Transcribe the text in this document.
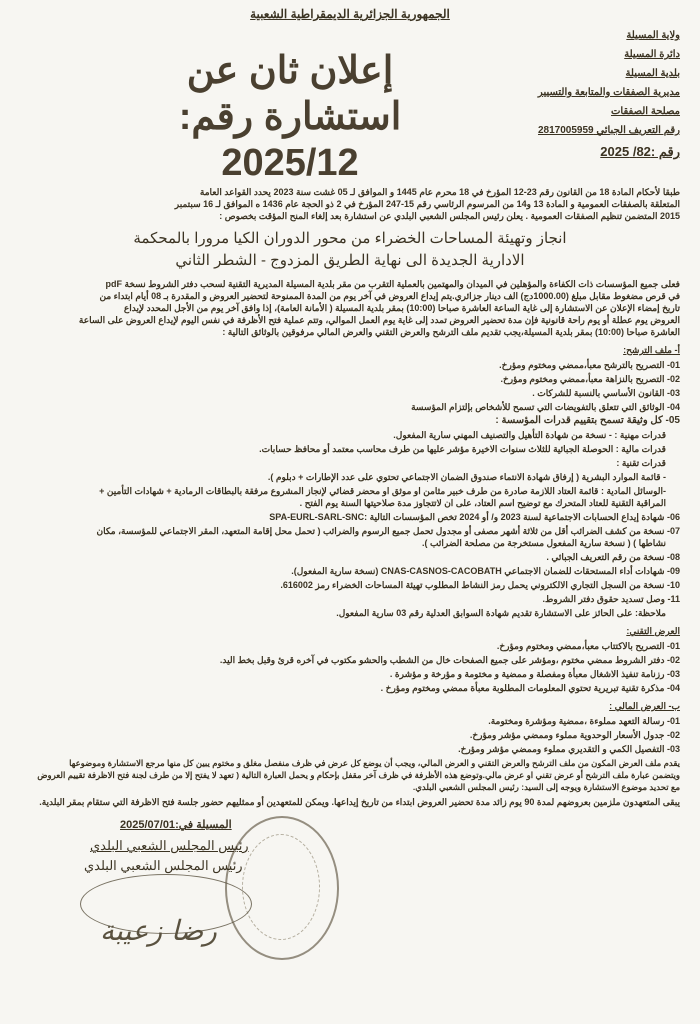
الجمهورية الجزائرية الديمقراطية الشعبية
ولاية المسيلة
دائرة المسيلة
بلدية المسيلة
مديرية الصفقات والمتابعة والتسيير
مصلحة الصفقات
رقم التعريف الجبائي 2817005959
رقم :82/ 2025
إعلان ثان عن استشارة رقم: 2025/12
طبقا لأحكام المادة 18 من القانون رقم 23-12 المؤرخ في 18 محرم عام 1445 و الموافق لـ 05 غشت سنة 2023 يحدد القواعد العامة
المتعلقة بالصفقات العمومية و المادة 13 و14 من المرسوم الرئاسي رقم 15-247 المؤرخ في 2 ذو الحجة عام 1436 ه الموافق لـ 16 سبتمبر
2015 المتضمن تنظيم الصفقات العمومية . يعلن رئيس المجلس الشعبي البلدي عن استشارة بعد إلغاء المنح المؤقت بخصوص :
انجاز وتهيئة المساحات الخضراء من محور الدوران الكيا مرورا بالمحكمة
الادارية الجديدة الى نهاية الطريق المزدوج - الشطر الثاني
فعلى جميع المؤسسات ذات الكفاءة والمؤهلين في الميدان والمهتمين بالعملية التقرب من مقر بلدية المسيلة المديرية التقنية لسحب دفتر الشروط نسخة pdF
في قرص مضغوط مقابل مبلغ (1000.00دج) الف دينار جزائري.يتم إيداع العروض في آخر يوم من المدة الممنوحة لتحضير العروض و المقدرة بـ 08 أيام ابتداء من
تاريخ إمضاء الإعلان عن الاستشارة إلى غاية الساعة العاشرة صباحا (10:00) بمقر بلدية المسيلة ( الأمانة العامة)، إذا وافق آخر يوم من الأجل المحدد لإيداع
العروض يوم عطلة أو يوم راحة قانونية فإن مدة تحضير العروض تمدد إلى غاية يوم العمل الموالي، وتتم عملية فتح الأظرفة في نفس اليوم لإيداع العروض على الساعة
العاشرة صباحا (10:00) بمقر بلدية المسيلة،يجب تقديم ملف الترشح والعرض التقني والعرض المالي مرفوقين بالوثائق التالية :
أ- ملف الترشح:
01- التصريح بالترشح معبأ،ممضي ومختوم ومؤرخ.
02- التصريح بالنزاهة معبأ،ممضي ومختوم ومؤرخ.
03- القانون الأساسي بالنسبة للشركات .
04- الوثائق التي تتعلق بالتفويضات التي تسمح للأشخاص بإلتزام المؤسسة
05- كل وثيقة تسمح بتقييم قدرات المؤسسة :
قدرات مهنية : - نسخة من شهادة التأهيل والتصنيف المهني سارية المفعول.
قدرات مالية : الحوصلة الجبائية للثلاث سنوات الاخيرة مؤشر عليها من طرف محاسب معتمد أو محافظ حسابات.
قدرات تقنية :
- قائمة الموارد البشرية ( إرفاق شهادة الانتماء صندوق الضمان الاجتماعي تحتوي على عدد الإطارات + دبلوم ).
-الوسائل المادية : قائمة العتاد اللازمة صادرة من طرف خبير مثامن او موثق او محضر قضائي لإنجاز المشروع مرفقة بالبطاقات الرمادية + شهادات التأمين +
المراقبة التقنية للعتاد المتحرك مع توضيح اسم العتاد، على ان لاتتجاوز مدة صلاحيتها السنة يوم الفتح .
06- شهادة إيداع الحسابات الاجتماعية لسنة 2023 و/ أو 2024 تخص المؤسسات التالية :SPA-EURL-SARL-SNC
07- نسخة من كشف الضرائب أقل من ثلاثة أشهر مصفى أو مجدول تحمل جميع الرسوم والضرائب ( تحمل محل إقامة المتعهد، المقر الاجتماعي للمؤسسة، مكان
نشاطها ) ( نسخة سارية المفعول مستخرجة من مصلحة الضرائب ).
08- نسخة من رقم التعريف الجبائي .
09- شهادات أداء المستحقات للضمان الاجتماعي CNAS-CASNOS-CACOBATH (نسخة سارية المفعول).
10- نسخة من السجل التجاري الالكتروني يحمل رمز النشاط المطلوب تهيئة المساحات الخضراء رمز 616002.
11- وصل تسديد حقوق دفتر الشروط.
ملاحظة: على الحائز على الاستشارة تقديم شهادة السوابق العدلية رقم 03 سارية المفعول.
العرض التقني:
01- التصريح بالاكتتاب معبأ،ممضي ومختوم ومؤرخ.
02- دفتر الشروط ممضي مختوم ،ومؤشر على جميع الصفحات خال من الشطب والحشو مكتوب في آخره قرئ وقبل بخط اليد.
03- رزنامة تنفيذ الاشغال معبأة ومفصلة و ممضية و مختومة و مؤرخة و مؤشرة .
04- مذكرة تقنية تبريرية تحتوي المعلومات المطلوبة معبأة ممضي ومختوم ومؤرخ .
ب- العرض المالي :
01- رسالة التعهد مملوءة ،ممضية ومؤشرة ومختومة.
02- جدول الأسعار الوحدوية مملوء وممضي مؤشر ومؤرخ.
03- التفصيل الكمي و التقديري مملوء وممضي مؤشر ومؤرخ.
يقدم ملف العرض المكون من ملف الترشح والعرض التقني و العرض المالي، ويجب أن يوضع كل عرض في ظرف منفصل مغلق و مختوم يبين كل منها مرجع الاستشارة وموضوعها
ويتضمن عبارة ملف الترشح أو عرض تقني او عرض مالي.وتوضع هذه الأظرفة في ظرف آخر مقفل بإحكام و يحمل العبارة التالية ( تعهد لا يفتح إلا من طرف لجنة فتح الاظرفة تقييم العروض
مع تحديد موضوع الاستشارة ويوجه إلى السيد: رئيس المجلس الشعبي البلدي.
يبقى المتعهدون ملزمين بعروضهم لمدة 90 يوم زائد مدة تحضير العروض ابتداء من تاريخ إيداعها. ويمكن للمتعهدين أو ممثليهم حضور جلسة فتح الاظرفة التي ستقام بمقر البلدية.
المسيلة في:2025/07/01
رئيس المجلس الشعبي البلدي
رئيس المجلس الشعبي البلدي
رضا زعيبة
